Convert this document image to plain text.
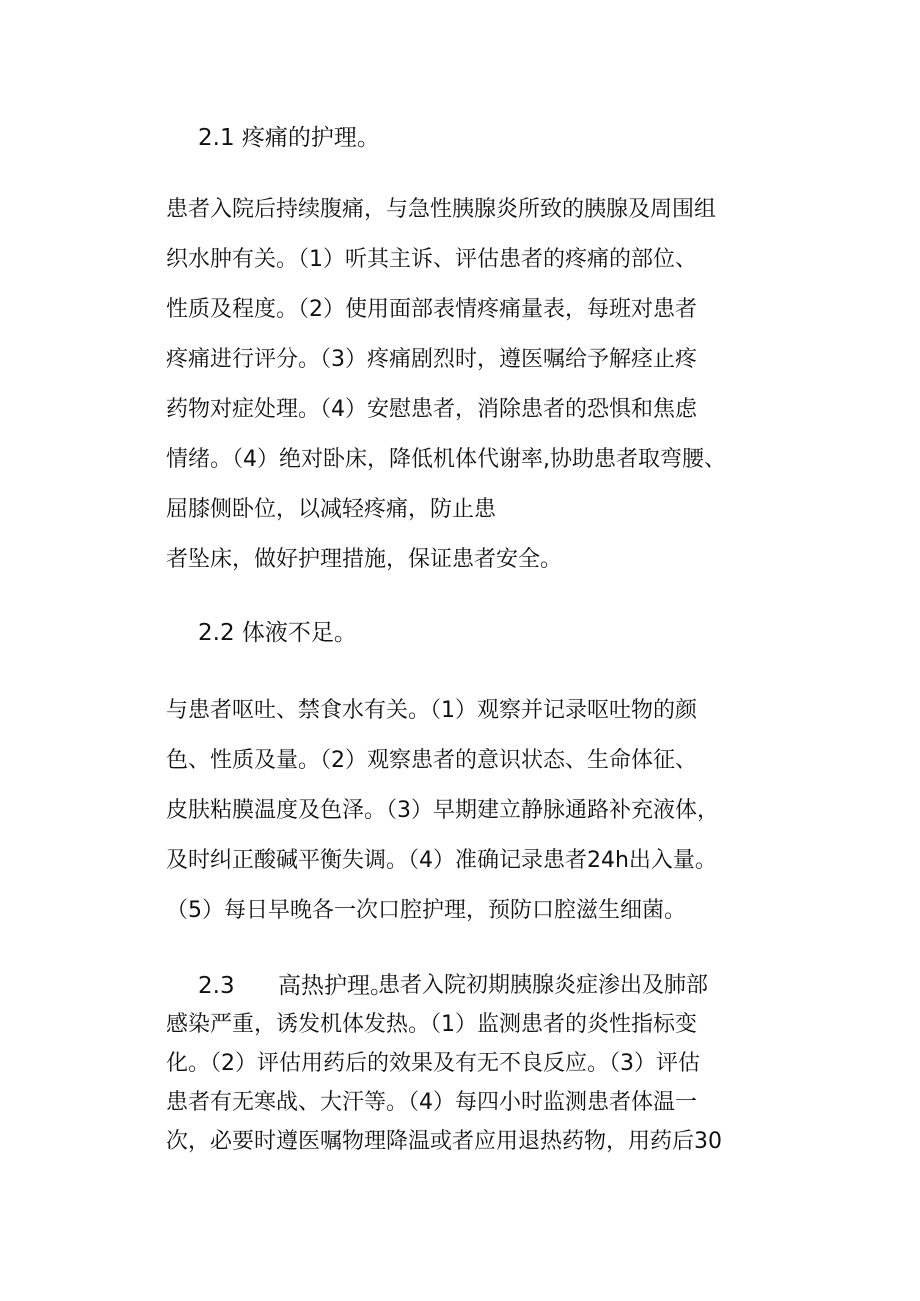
2.1 疼痛的护理。

患者入院后持续腹痛，与急性胰腺炎所致的胰腺及周围组

织水肿有关。（1）听其主诉、评估患者的疼痛的部位、

性质及程度。（2）使用面部表情疼痛量表，每班对患者

疼痛进行评分。（3）疼痛剧烈时，遵医嘱给予解痉止疼

药物对症处理。（4）安慰患者，消除患者的恐惧和焦虑

情绪。（4）绝对卧床，降低机体代谢率,协助患者取弯腰、

屈膝侧卧位，以减轻疼痛，防止患

者坠床，做好护理措施，保证患者安全。

2.2 体液不足。

与患者呕吐、禁食水有关。（1）观察并记录呕吐物的颜

色、性质及量。（2）观察患者的意识状态、生命体征、

皮肤粘膜温度及色泽。（3）早期建立静脉通路补充液体，

及时纠正酸碱平衡失调。（4）准确记录患者24h出入量。

（5）每日早晚各一次口腔护理，预防口腔滋生细菌。

2.3 高热护理。
患者入院初期胰腺炎症渗出及肺部

感染严重，诱发机体发热。（1）监测患者的炎性指标变

化。（2）评估用药后的效果及有无不良反应。（3）评估

患者有无寒战、大汗等。（4）每四小时监测患者体温一

次，必要时遵医嘱物理降温或者应用退热药物，用药后30
